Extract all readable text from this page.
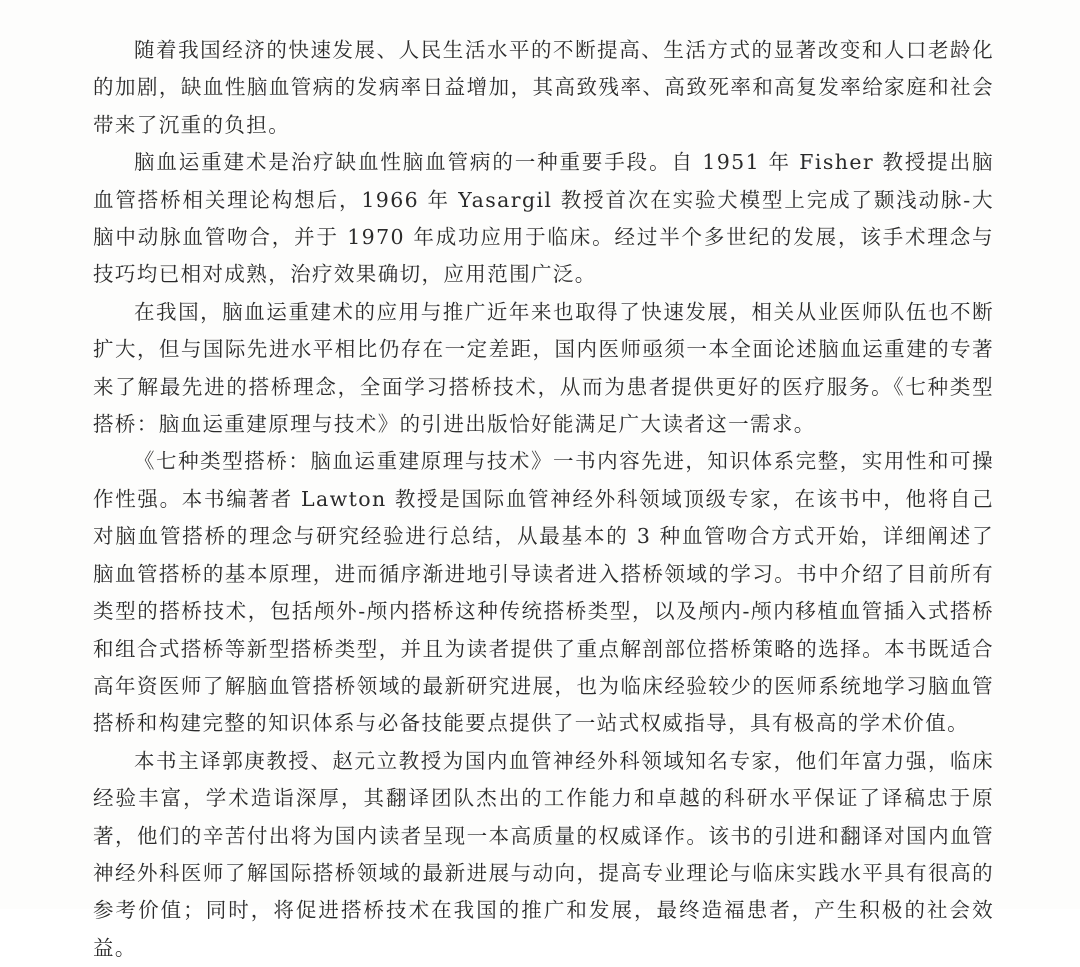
随着我国经济的快速发展、人民生活水平的不断提高、生活方式的显著改变和人口老龄化的加剧，缺血性脑血管病的发病率日益增加，其高致残率、高致死率和高复发率给家庭和社会带来了沉重的负担。

脑血运重建术是治疗缺血性脑血管病的一种重要手段。自 1951 年 Fisher 教授提出脑血管搭桥相关理论构想后，1966 年 Yasargil 教授首次在实验犬模型上完成了颞浅动脉-大脑中动脉血管吻合，并于 1970 年成功应用于临床。经过半个多世纪的发展，该手术理念与技巧均已相对成熟，治疗效果确切，应用范围广泛。

在我国，脑血运重建术的应用与推广近年来也取得了快速发展，相关从业医师队伍也不断扩大，但与国际先进水平相比仍存在一定差距，国内医师亟须一本全面论述脑血运重建的专著来了解最先进的搭桥理念，全面学习搭桥技术，从而为患者提供更好的医疗服务。《七种类型搭桥：脑血运重建原理与技术》的引进出版恰好能满足广大读者这一需求。

《七种类型搭桥：脑血运重建原理与技术》一书内容先进，知识体系完整，实用性和可操作性强。本书编著者 Lawton 教授是国际血管神经外科领域顶级专家，在该书中，他将自己对脑血管搭桥的理念与研究经验进行总结，从最基本的 3 种血管吻合方式开始，详细阐述了脑血管搭桥的基本原理，进而循序渐进地引导读者进入搭桥领域的学习。书中介绍了目前所有类型的搭桥技术，包括颅外-颅内搭桥这种传统搭桥类型，以及颅内-颅内移植血管插入式搭桥和组合式搭桥等新型搭桥类型，并且为读者提供了重点解剖部位搭桥策略的选择。本书既适合高年资医师了解脑血管搭桥领域的最新研究进展，也为临床经验较少的医师系统地学习脑血管搭桥和构建完整的知识体系与必备技能要点提供了一站式权威指导，具有极高的学术价值。

本书主译郭庚教授、赵元立教授为国内血管神经外科领域知名专家，他们年富力强，临床经验丰富，学术造诣深厚，其翻译团队杰出的工作能力和卓越的科研水平保证了译稿忠于原著，他们的辛苦付出将为国内读者呈现一本高质量的权威译作。该书的引进和翻译对国内血管神经外科医师了解国际搭桥领域的最新进展与动向，提高专业理论与临床实践水平具有很高的参考价值；同时，将促进搭桥技术在我国的推广和发展，最终造福患者，产生积极的社会效益。
